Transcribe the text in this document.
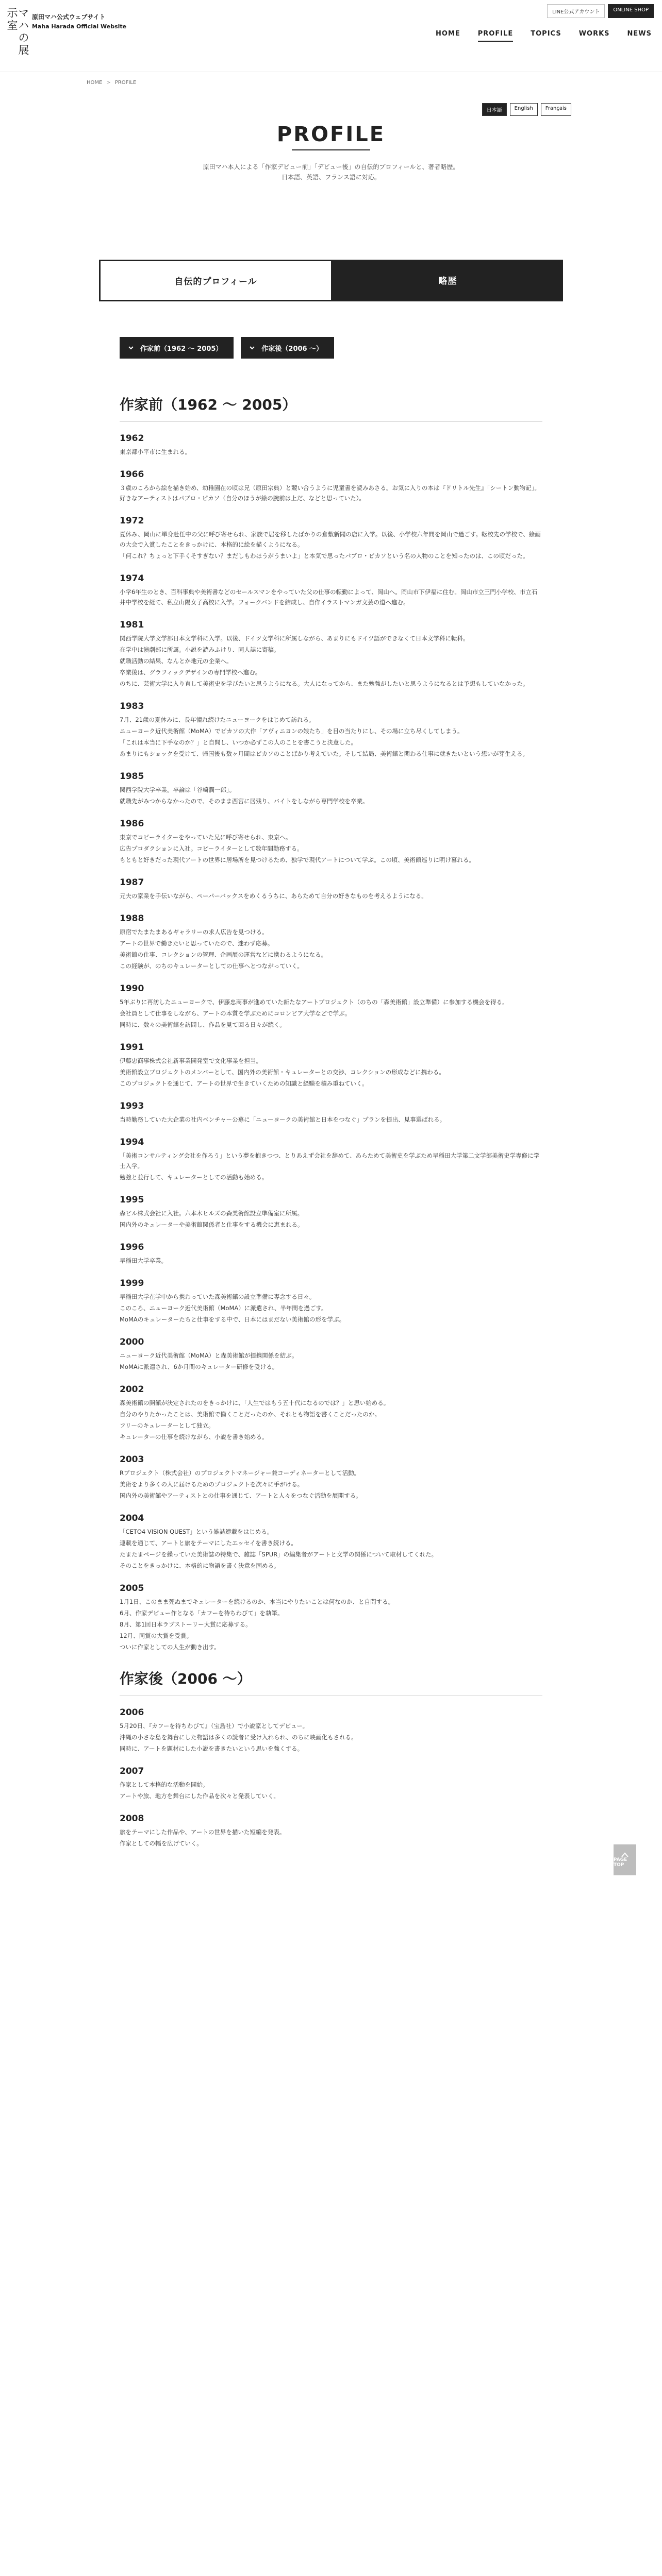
マハの展示室	原田マハ公式ウェブサイト
Maha Harada Official Website
LINE公式アカウント	ONLINE SHOP
HOME	PROFILE	TOPICS	WORKS	NEWS
HOME > PROFILE
日本語	English	Français
PROFILE

原田マハ本人による「作家デビュー前」「デビュー後」の自伝的プロフィールと、著者略歴。

日本語、英語、フランス語に対応。

自伝的プロフィール	略歴
作家前（1962 〜 2005）	作家後（2006 〜）
作家前（1962 〜 2005）
1962

東京都小平市に生まれる。

1966

３歳のころから絵を描き始め、幼稚園在の頃は兄（原田宗典）と競い合うように児童書を読みあさる。お気に入りの本は『ドリトル先生』「シートン動物記」。好きなアーティストはパブロ・ピカソ（自分のほうが絵の腕前は上だ、などと思っていた）。

1972

夏休み、岡山に単身赴任中の父に呼び寄せられ、家族で居を移したばかりの倉敷新聞の店に入学。以後、小学校六年間を岡山で過ごす。転校先の学校で、絵画の大会で入賞したことをきっかけに、本格的に絵を描くようになる。

「何これ？ちょっと下手くそすぎない？まだしもわほうがうまいよ」と本気で思ったパブロ・ピカソという名の人物のことを知ったのは、この頃だった。

1974

小学6年生のとき、百科事典や美術書などのセールスマンをやっていた父の仕事の転勤によって、岡山へ。岡山市下伊福に住む。岡山市立三門小学校、市立石井中学校を経て、私立山陽女子高校に入学。フォークバンドを結成し、自作イラストマンガ文芸の道へ進む。

1981

関西学院大学文学部日本文学科に入学。以後、ドイツ文学科に所属しながら、あまりにもドイツ語ができなくて日本文学科に転科。

在学中は演劇部に所属。小説を読みふけり、同人誌に寄稿。

就職活動の結果、なんとか地元の企業へ。

卒業後は、グラフィックデザインの専門学校へ進む。

のちに、芸術大学に入り直して美術史を学びたいと思うようになる。大人になってから、また勉強がしたいと思うようになるとは予想もしていなかった。

1983

7月、21歳の夏休みに、長年憧れ続けたニューヨークをはじめて訪れる。

ニューヨーク近代美術館（MoMA）でピカソの大作「アヴィニヨンの娘たち」を目の当たりにし、その場に立ち尽くしてしまう。

「これは本当に下手なのか？」と自問し、いつか必ずこの人のことを書こうと決意した。

あまりにもショックを受けて、帰国後も数ヶ月間はピカソのことばかり考えていた。そして結局、美術館と関わる仕事に就きたいという想いが芽生える。

1985

関西学院大学卒業。卒論は「谷崎潤一郎」。

就職先がみつからなかったので、そのまま西宮に居残り、バイトをしながら専門学校を卒業。

1986

東京でコピーライターをやっていた兄に呼び寄せられ、東京へ。

広告プロダクションに入社。コピーライターとして数年間勤務する。

もともと好きだった現代アートの世界に居場所を見つけるため、独学で現代アートについて学ぶ。この頃、美術館巡りに明け暮れる。

1987

元夫の家業を手伝いながら、ペーパーバックスをめくるうちに、あらためて自分の好きなものを考えるようになる。

1988

原宿でたまたまあるギャラリーの求人広告を見つける。

アートの世界で働きたいと思っていたので、迷わず応募。

美術館の仕事、コレクションの管理、企画展の運営などに携わるようになる。

この経験が、のちのキュレーターとしての仕事へとつながっていく。

1990

5年ぶりに再訪したニューヨークで、伊藤忠商事が進めていた新たなアートプロジェクト（のちの「森美術館」設立準備）に参加する機会を得る。

会社員として仕事をしながら、アートの本質を学ぶためにコロンビア大学などで学ぶ。

同時に、数々の美術館を訪問し、作品を見て回る日々が続く。

1991

伊藤忠商事株式会社新事業開発室で文化事業を担当。

美術館設立プロジェクトのメンバーとして、国内外の美術館・キュレーターとの交渉、コレクションの形成などに携わる。

このプロジェクトを通じて、アートの世界で生きていくための知識と経験を積み重ねていく。

1993

当時勤務していた大企業の社内ベンチャー公募に「ニューヨークの美術館と日本をつなぐ」プランを提出、見事選ばれる。

1994

「美術コンサルティング会社を作ろう」という夢を抱きつつ、とりあえず会社を辞めて、あらためて美術史を学ぶため早稲田大学第二文学部美術史学専修に学士入学。

勉強と並行して、キュレーターとしての活動も始める。

1995

森ビル株式会社に入社。六本木ヒルズの森美術館設立準備室に所属。

国内外のキュレーターや美術館関係者と仕事をする機会に恵まれる。

1996

早稲田大学卒業。

1999

早稲田大学在学中から携わっていた森美術館の設立準備に専念する日々。

このころ、ニューヨーク近代美術館（MoMA）に派遣され、半年間を過ごす。

MoMAのキュレーターたちと仕事をする中で、日本にはまだない美術館の形を学ぶ。

2000

ニューヨーク近代美術館（MoMA）と森美術館が提携関係を結ぶ。

MoMAに派遣され、6か月間のキュレーター研修を受ける。

2002

森美術館の開館が決定されたのをきっかけに、「人生ではもう五十代になるのでは？」と思い始める。

自分のやりたかったことは、美術館で働くことだったのか、それとも物語を書くことだったのか。

フリーのキュレーターとして独立。

キュレーターの仕事を続けながら、小説を書き始める。

2003

Rプロジェクト（株式会社）のプロジェクトマネージャー兼コーディネーターとして活動。

美術をより多くの人に届けるためのプロジェクトを次々に手がける。

国内外の美術館やアーティストとの仕事を通じて、アートと人々をつなぐ活動を展開する。

2004

「CETO4 VISION QUEST」という雑誌連載をはじめる。

連載を通じて、アートと旅をテーマにしたエッセイを書き続ける。

たまたまページを繰っていた美術誌の特集で、雑誌「SPUR」の編集者がアートと文学の関係について取材してくれた。

そのことをきっかけに、本格的に物語を書く決意を固める。

2005

1月1日、このまま死ぬまでキュレーターを続けるのか、本当にやりたいことは何なのか、と自問する。

6月、作家デビュー作となる「カフーを待ちわびて」を執筆。

8月、第1回日本ラブストーリー大賞に応募する。

12月、同賞の大賞を受賞。

ついに作家としての人生が動き出す。

作家後（2006 〜）
2006

5月20日、『カフーを待ちわびて』（宝島社）で小説家としてデビュー。

沖縄の小さな島を舞台にした物語は多くの読者に受け入れられ、のちに映画化もされる。

同時に、アートを題材にした小説を書きたいという思いを強くする。

2007

作家として本格的な活動を開始。

アートや旅、地方を舞台にした作品を次々と発表していく。

2008

旅をテーマにした作品や、アートの世界を描いた短編を発表。

作家としての幅を広げていく。

PAGE TOP
